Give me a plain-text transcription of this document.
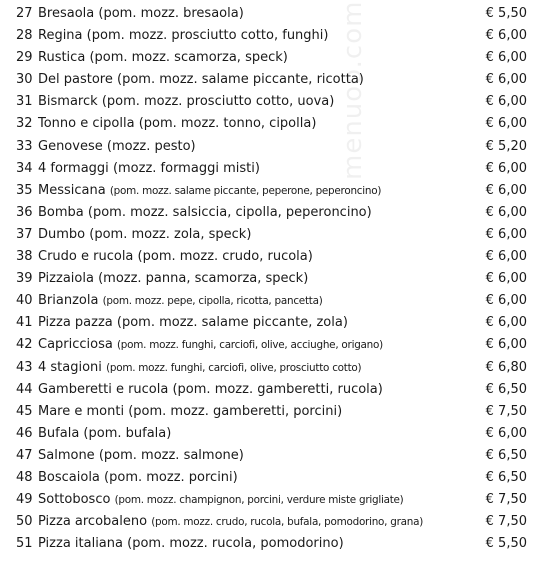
menuoo.com
27 Bresaola (pom. mozz. bresaola)	€ 5,50
28 Regina (pom. mozz. prosciutto cotto, funghi)	€ 6,00
29 Rustica (pom. mozz. scamorza, speck)	€ 6,00
30 Del pastore (pom. mozz. salame piccante, ricotta)	€ 6,00
31 Bismarck (pom. mozz. prosciutto cotto, uova)	€ 6,00
32 Tonno e cipolla (pom. mozz. tonno, cipolla)	€ 6,00
33 Genovese (mozz. pesto)	€ 5,20
34 4 formaggi (mozz. formaggi misti)	€ 6,00
35 Messicana (pom. mozz. salame piccante, peperone, peperoncino)	€ 6,00
36 Bomba (pom. mozz. salsiccia, cipolla, peperoncino)	€ 6,00
37 Dumbo (pom. mozz. zola, speck)	€ 6,00
38 Crudo e rucola (pom. mozz. crudo, rucola)	€ 6,00
39 Pizzaiola (mozz. panna, scamorza, speck)	€ 6,00
40 Brianzola (pom. mozz. pepe, cipolla, ricotta, pancetta)	€ 6,00
41 Pizza pazza (pom. mozz. salame piccante, zola)	€ 6,00
42 Capricciosa (pom. mozz. funghi, carciofi, olive, acciughe, origano)	€ 6,00
43 4 stagioni (pom. mozz. funghi, carciofi, olive, prosciutto cotto)	€ 6,80
44 Gamberetti e rucola (pom. mozz. gamberetti, rucola)	€ 6,50
45 Mare e monti (pom. mozz. gamberetti, porcini)	€ 7,50
46 Bufala (pom. bufala)	€ 6,00
47 Salmone (pom. mozz. salmone)	€ 6,50
48 Boscaiola (pom. mozz. porcini)	€ 6,50
49 Sottobosco (pom. mozz. champignon, porcini, verdure miste grigliate)	€ 7,50
50 Pizza arcobaleno (pom. mozz. crudo, rucola, bufala, pomodorino, grana)	€ 7,50
51 Pizza italiana (pom. mozz. rucola, pomodorino)	€ 5,50
